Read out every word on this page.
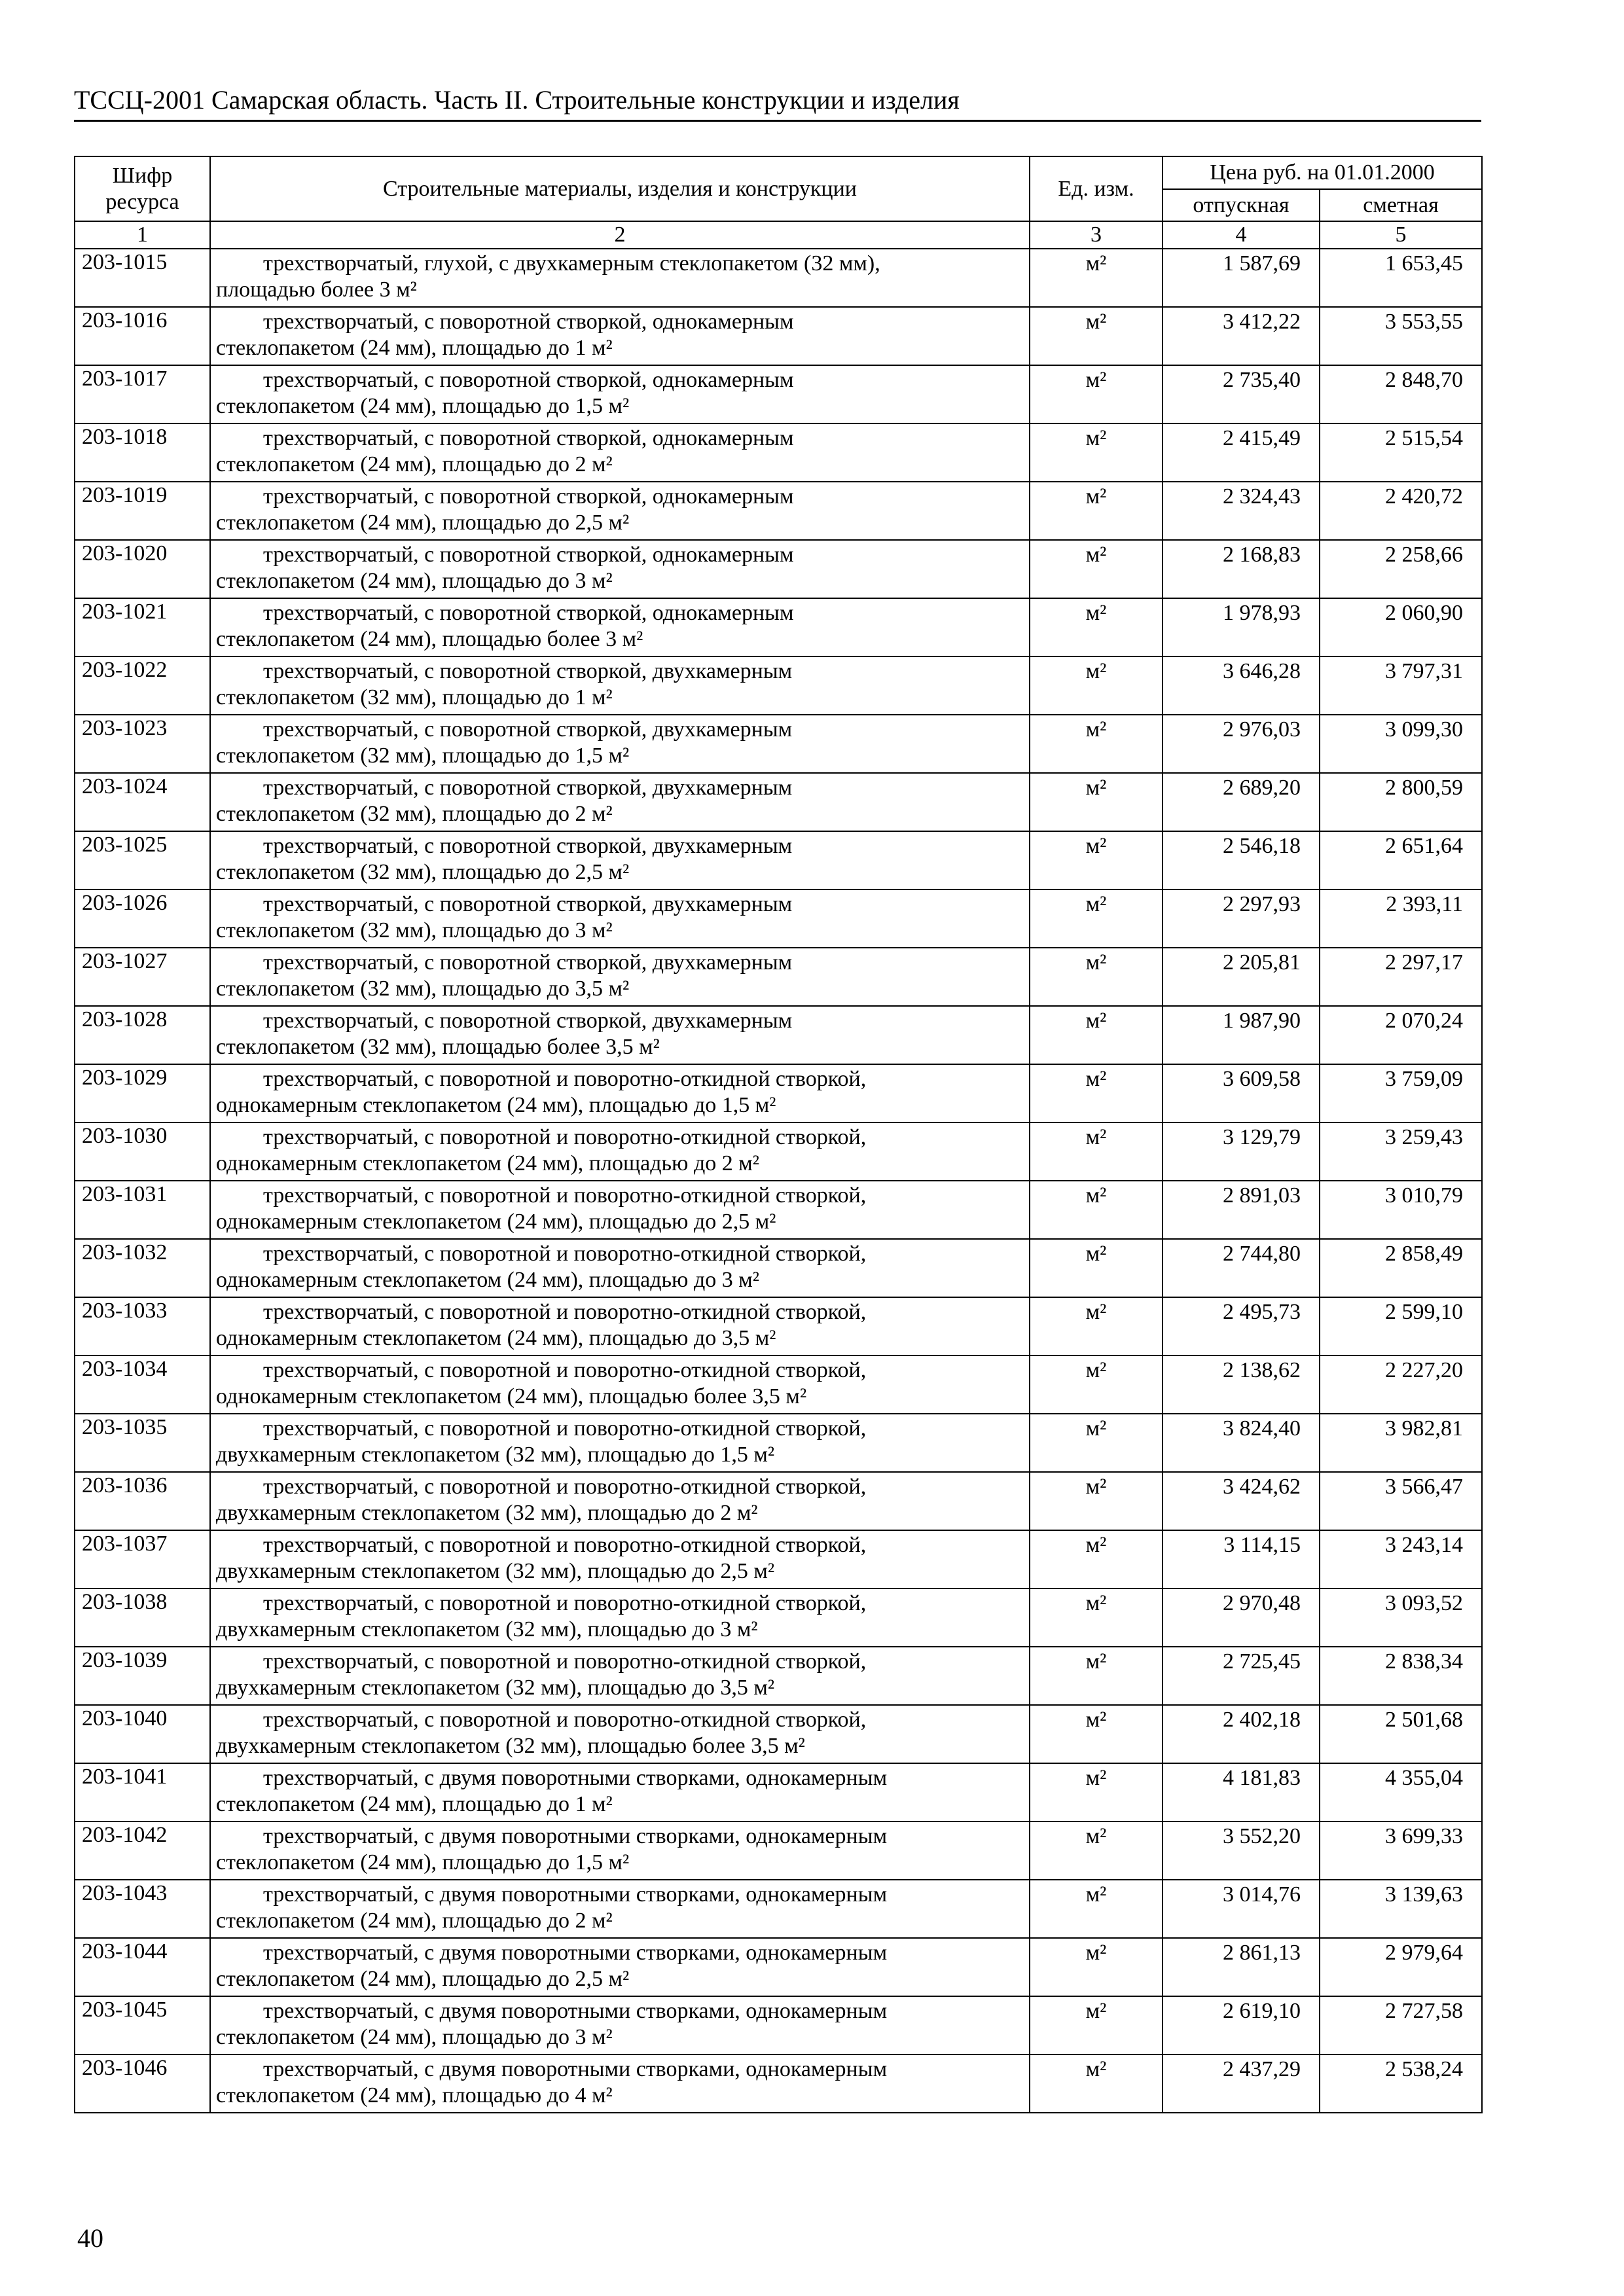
ТССЦ-2001 Самарская область. Часть II. Строительные конструкции и изделия
Шифр ресурса	Строительные материалы, изделия и конструкции	Ед. изм.	Цена руб. на 01.01.2000	
			отпускная	сметная
1	2	3	4	5
203-1015	трехстворчатый, глухой, с двухкамерным стеклопакетом (32 мм),
площадью более 3 м²	м²	1 587,69	1 653,45
203-1016	трехстворчатый, с поворотной створкой, однокамерным
стеклопакетом (24 мм), площадью до 1 м²	м²	3 412,22	3 553,55
203-1017	трехстворчатый, с поворотной створкой, однокамерным
стеклопакетом (24 мм), площадью до 1,5 м²	м²	2 735,40	2 848,70
203-1018	трехстворчатый, с поворотной створкой, однокамерным
стеклопакетом (24 мм), площадью до 2 м²	м²	2 415,49	2 515,54
203-1019	трехстворчатый, с поворотной створкой, однокамерным
стеклопакетом (24 мм), площадью до 2,5 м²	м²	2 324,43	2 420,72
203-1020	трехстворчатый, с поворотной створкой, однокамерным
стеклопакетом (24 мм), площадью до 3 м²	м²	2 168,83	2 258,66
203-1021	трехстворчатый, с поворотной створкой, однокамерным
стеклопакетом (24 мм), площадью более 3 м²	м²	1 978,93	2 060,90
203-1022	трехстворчатый, с поворотной створкой, двухкамерным
стеклопакетом (32 мм), площадью до 1 м²	м²	3 646,28	3 797,31
203-1023	трехстворчатый, с поворотной створкой, двухкамерным
стеклопакетом (32 мм), площадью до 1,5 м²	м²	2 976,03	3 099,30
203-1024	трехстворчатый, с поворотной створкой, двухкамерным
стеклопакетом (32 мм), площадью до 2 м²	м²	2 689,20	2 800,59
203-1025	трехстворчатый, с поворотной створкой, двухкамерным
стеклопакетом (32 мм), площадью до 2,5 м²	м²	2 546,18	2 651,64
203-1026	трехстворчатый, с поворотной створкой, двухкамерным
стеклопакетом (32 мм), площадью до 3 м²	м²	2 297,93	2 393,11
203-1027	трехстворчатый, с поворотной створкой, двухкамерным
стеклопакетом (32 мм), площадью до 3,5 м²	м²	2 205,81	2 297,17
203-1028	трехстворчатый, с поворотной створкой, двухкамерным
стеклопакетом (32 мм), площадью более 3,5 м²	м²	1 987,90	2 070,24
203-1029	трехстворчатый, с поворотной и поворотно-откидной створкой,
однокамерным стеклопакетом (24 мм), площадью до 1,5 м²	м²	3 609,58	3 759,09
203-1030	трехстворчатый, с поворотной и поворотно-откидной створкой,
однокамерным стеклопакетом (24 мм), площадью до 2 м²	м²	3 129,79	3 259,43
203-1031	трехстворчатый, с поворотной и поворотно-откидной створкой,
однокамерным стеклопакетом (24 мм), площадью до 2,5 м²	м²	2 891,03	3 010,79
203-1032	трехстворчатый, с поворотной и поворотно-откидной створкой,
однокамерным стеклопакетом (24 мм), площадью до 3 м²	м²	2 744,80	2 858,49
203-1033	трехстворчатый, с поворотной и поворотно-откидной створкой,
однокамерным стеклопакетом (24 мм), площадью до 3,5 м²	м²	2 495,73	2 599,10
203-1034	трехстворчатый, с поворотной и поворотно-откидной створкой,
однокамерным стеклопакетом (24 мм), площадью более 3,5 м²	м²	2 138,62	2 227,20
203-1035	трехстворчатый, с поворотной и поворотно-откидной створкой,
двухкамерным стеклопакетом (32 мм), площадью до 1,5 м²	м²	3 824,40	3 982,81
203-1036	трехстворчатый, с поворотной и поворотно-откидной створкой,
двухкамерным стеклопакетом (32 мм), площадью до 2 м²	м²	3 424,62	3 566,47
203-1037	трехстворчатый, с поворотной и поворотно-откидной створкой,
двухкамерным стеклопакетом (32 мм), площадью до 2,5 м²	м²	3 114,15	3 243,14
203-1038	трехстворчатый, с поворотной и поворотно-откидной створкой,
двухкамерным стеклопакетом (32 мм), площадью до 3 м²	м²	2 970,48	3 093,52
203-1039	трехстворчатый, с поворотной и поворотно-откидной створкой,
двухкамерным стеклопакетом (32 мм), площадью до 3,5 м²	м²	2 725,45	2 838,34
203-1040	трехстворчатый, с поворотной и поворотно-откидной створкой,
двухкамерным стеклопакетом (32 мм), площадью более 3,5 м²	м²	2 402,18	2 501,68
203-1041	трехстворчатый, с двумя поворотными створками, однокамерным
стеклопакетом (24 мм), площадью до 1 м²	м²	4 181,83	4 355,04
203-1042	трехстворчатый, с двумя поворотными створками, однокамерным
стеклопакетом (24 мм), площадью до 1,5 м²	м²	3 552,20	3 699,33
203-1043	трехстворчатый, с двумя поворотными створками, однокамерным
стеклопакетом (24 мм), площадью до 2 м²	м²	3 014,76	3 139,63
203-1044	трехстворчатый, с двумя поворотными створками, однокамерным
стеклопакетом (24 мм), площадью до 2,5 м²	м²	2 861,13	2 979,64
203-1045	трехстворчатый, с двумя поворотными створками, однокамерным
стеклопакетом (24 мм), площадью до 3 м²	м²	2 619,10	2 727,58
203-1046	трехстворчатый, с двумя поворотными створками, однокамерным
стеклопакетом (24 мм), площадью до 4 м²	м²	2 437,29	2 538,24
40
